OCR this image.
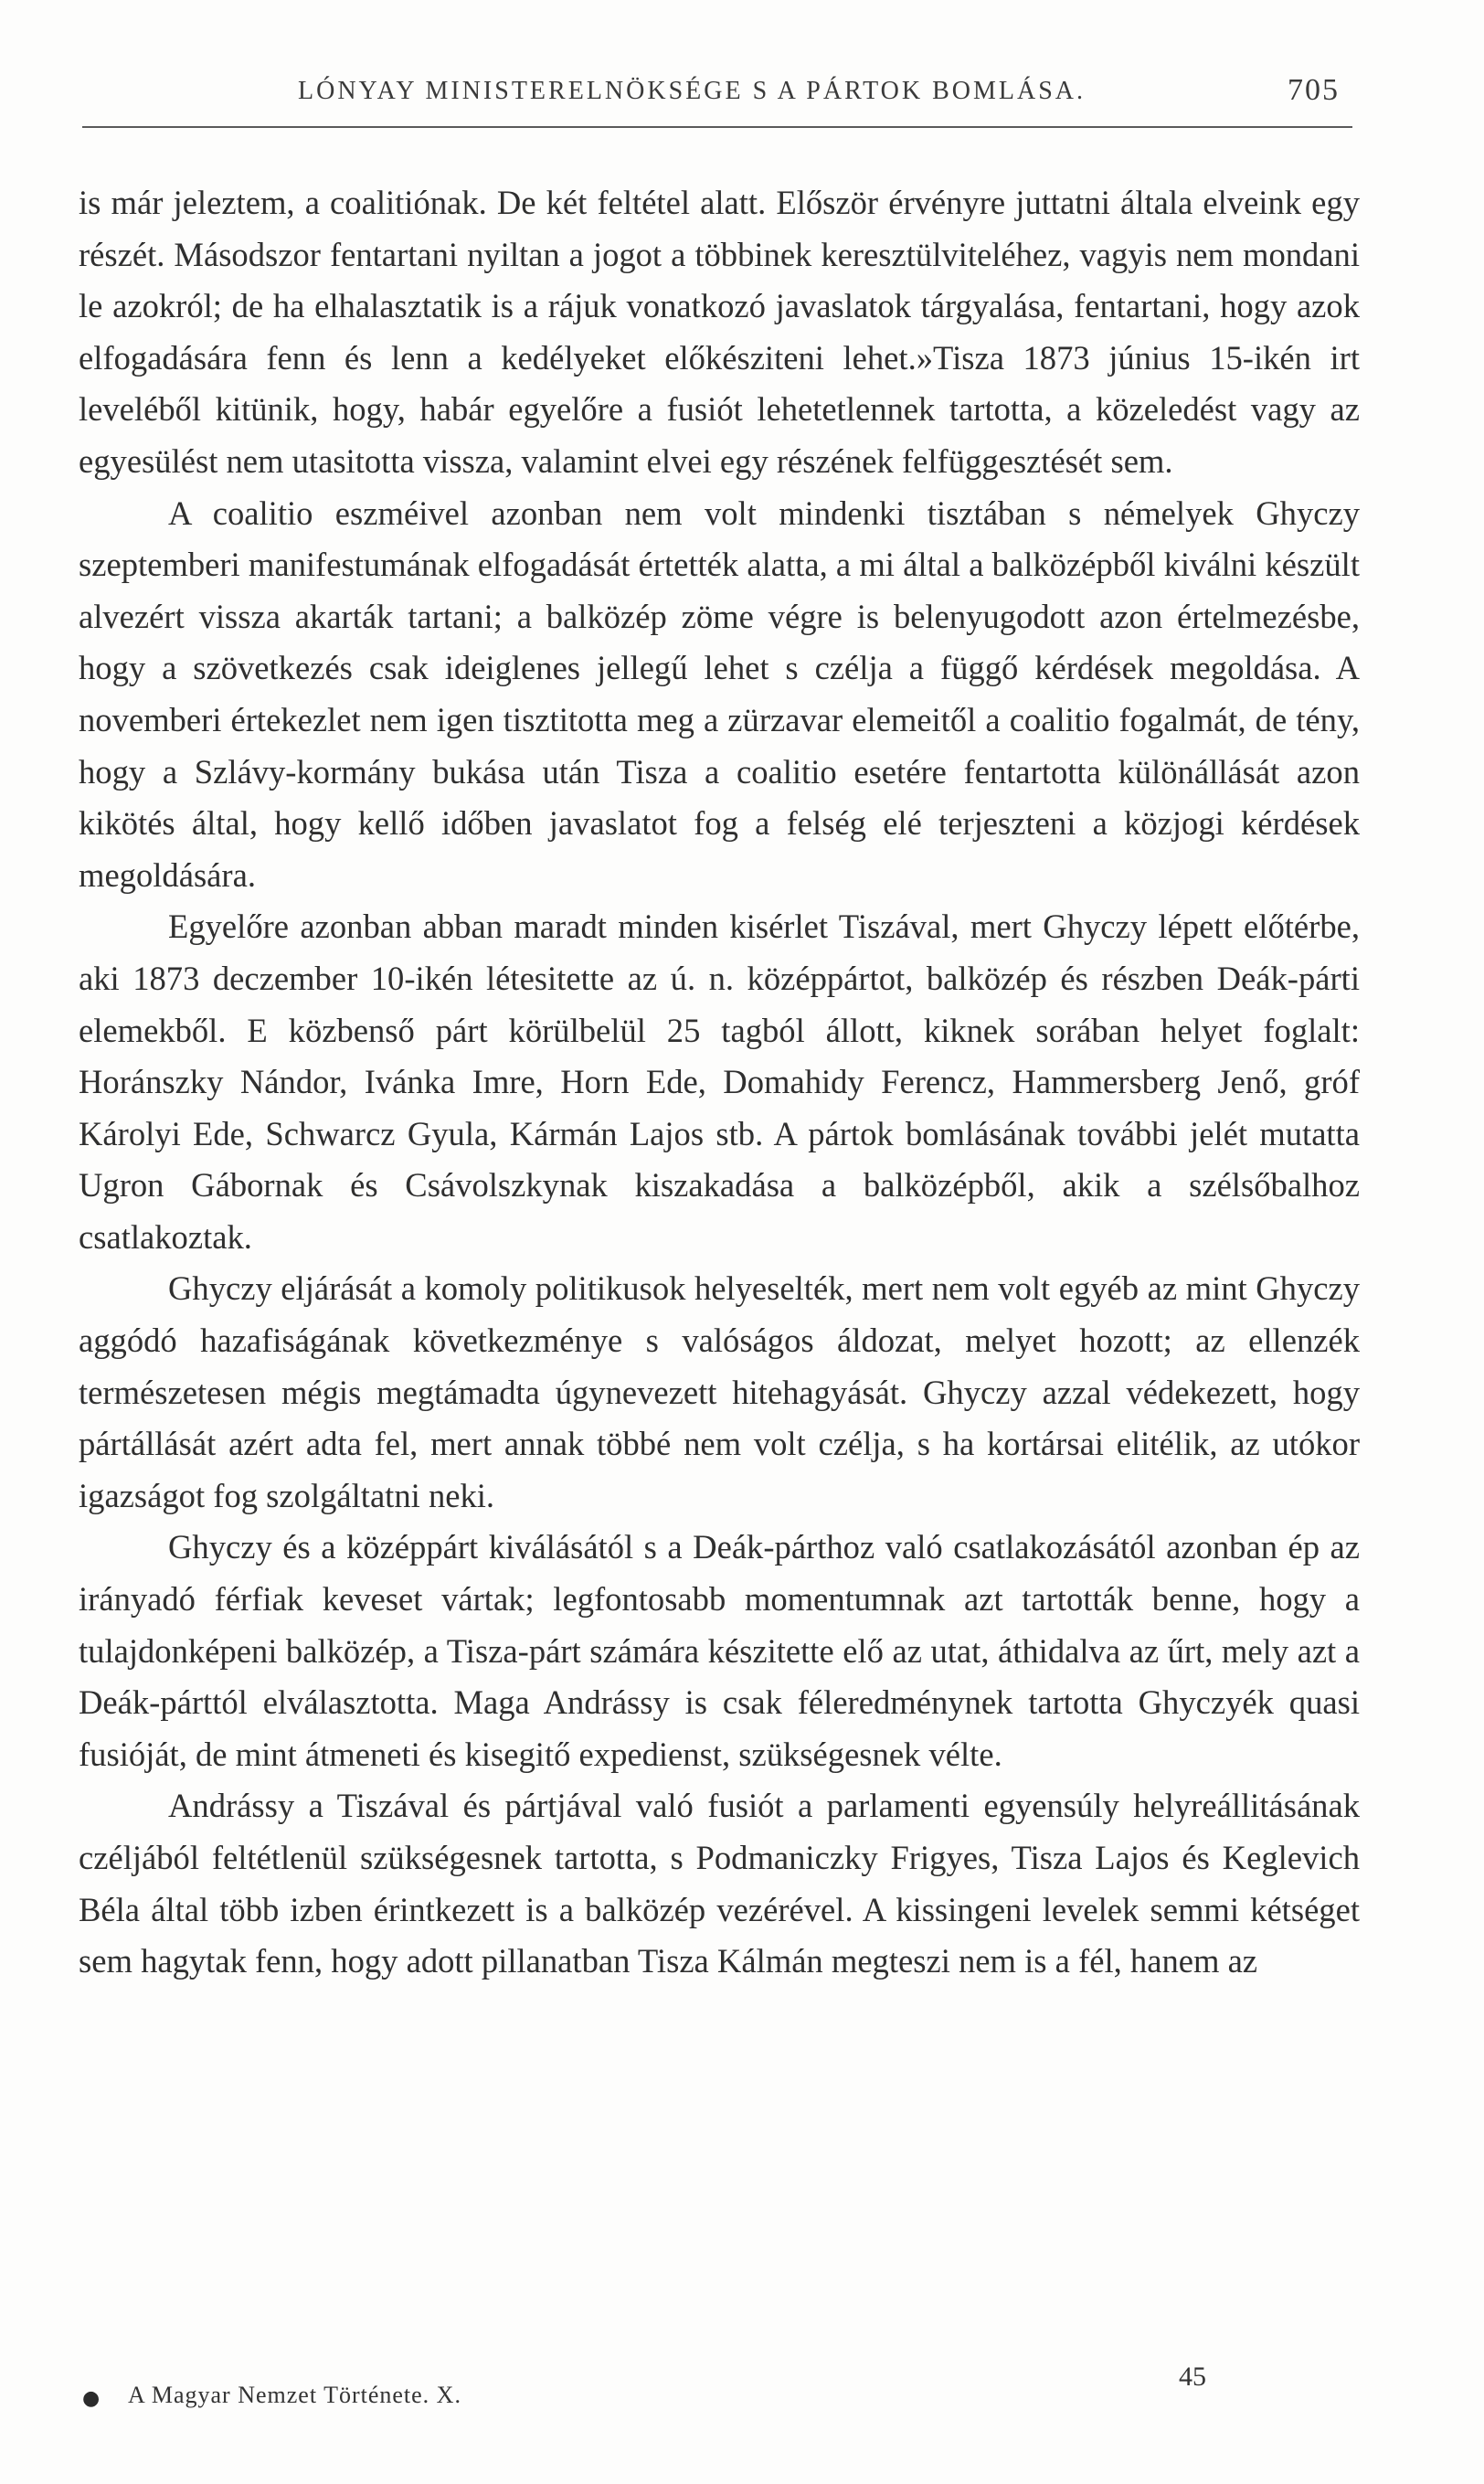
LÓNYAY MINISTERELNÖKSÉGE S A PÁRTOK BOMLÁSA.	705

is már jeleztem, a coalitiónak. De két feltétel alatt. Először érvényre juttatni általa elveink egy részét. Másodszor fentartani nyiltan a jogot a többinek keresztülviteléhez, vagyis nem mondani le azokról; de ha elhalasztatik is a rájuk vonatkozó javaslatok tárgyalása, fentartani, hogy azok elfogadására fenn és lenn a kedélyeket előkésziteni lehet.»Tisza 1873 június 15-ikén irt leveléből kitünik, hogy, habár egyelőre a fusiót lehetetlennek tartotta, a közeledést vagy az egyesülést nem utasitotta vissza, valamint elvei egy részének felfüggesztését sem.

A coalitio eszméivel azonban nem volt mindenki tisztában s némelyek Ghyczy szeptemberi manifestumának elfogadását értették alatta, a mi által a balközépből kiválni készült alvezért vissza akarták tartani; a balközép zöme végre is belenyugodott azon értelmezésbe, hogy a szövetkezés csak ideiglenes jellegű lehet s czélja a függő kérdések megoldása. A novemberi értekezlet nem igen tisztitotta meg a zürzavar elemeitől a coalitio fogalmát, de tény, hogy a Szlávy-kormány bukása után Tisza a coalitio esetére fentartotta különállását azon kikötés által, hogy kellő időben javaslatot fog a felség elé terjeszteni a közjogi kérdések megoldására.

Egyelőre azonban abban maradt minden kisérlet Tiszával, mert Ghyczy lépett előtérbe, aki 1873 deczember 10-ikén létesitette az ú. n. középpártot, balközép és részben Deák-párti elemekből. E közbenső párt körülbelül 25 tagból állott, kiknek sorában helyet foglalt: Horánszky Nándor, Ivánka Imre, Horn Ede, Domahidy Ferencz, Hammersberg Jenő, gróf Károlyi Ede, Schwarcz Gyula, Kármán Lajos stb. A pártok bomlásának további jelét mutatta Ugron Gábornak és Csávolszkynak kiszakadása a balközépből, akik a szélsőbalhoz csatlakoztak.

Ghyczy eljárását a komoly politikusok helyeselték, mert nem volt egyéb az mint Ghyczy aggódó hazafiságának következménye s valóságos áldozat, melyet hozott; az ellenzék természetesen mégis megtámadta úgynevezett hitehagyását. Ghyczy azzal védekezett, hogy pártállását azért adta fel, mert annak többé nem volt czélja, s ha kortársai elitélik, az utókor igazságot fog szolgáltatni neki.

Ghyczy és a középpárt kiválásától s a Deák-párthoz való csatlakozásától azonban ép az irányadó férfiak keveset vártak; legfontosabb momentumnak azt tartották benne, hogy a tulajdonképeni balközép, a Tisza-párt számára készitette elő az utat, áthidalva az űrt, mely azt a Deák-párttól elválasztotta. Maga Andrássy is csak féleredménynek tartotta Ghyczyék quasi fusióját, de mint átmeneti és kisegitő expedienst, szükségesnek vélte.

Andrássy a Tiszával és pártjával való fusiót a parlamenti egyensúly helyreállitásának czéljából feltétlenül szükségesnek tartotta, s Podmaniczky Frigyes, Tisza Lajos és Keglevich Béla által több izben érintkezett is a balközép vezérével. A kissingeni levelek semmi kétséget sem hagytak fenn, hogy adott pillanatban Tisza Kálmán megteszi nem is a fél, hanem az

● A Magyar Nemzet Története. X.
45
